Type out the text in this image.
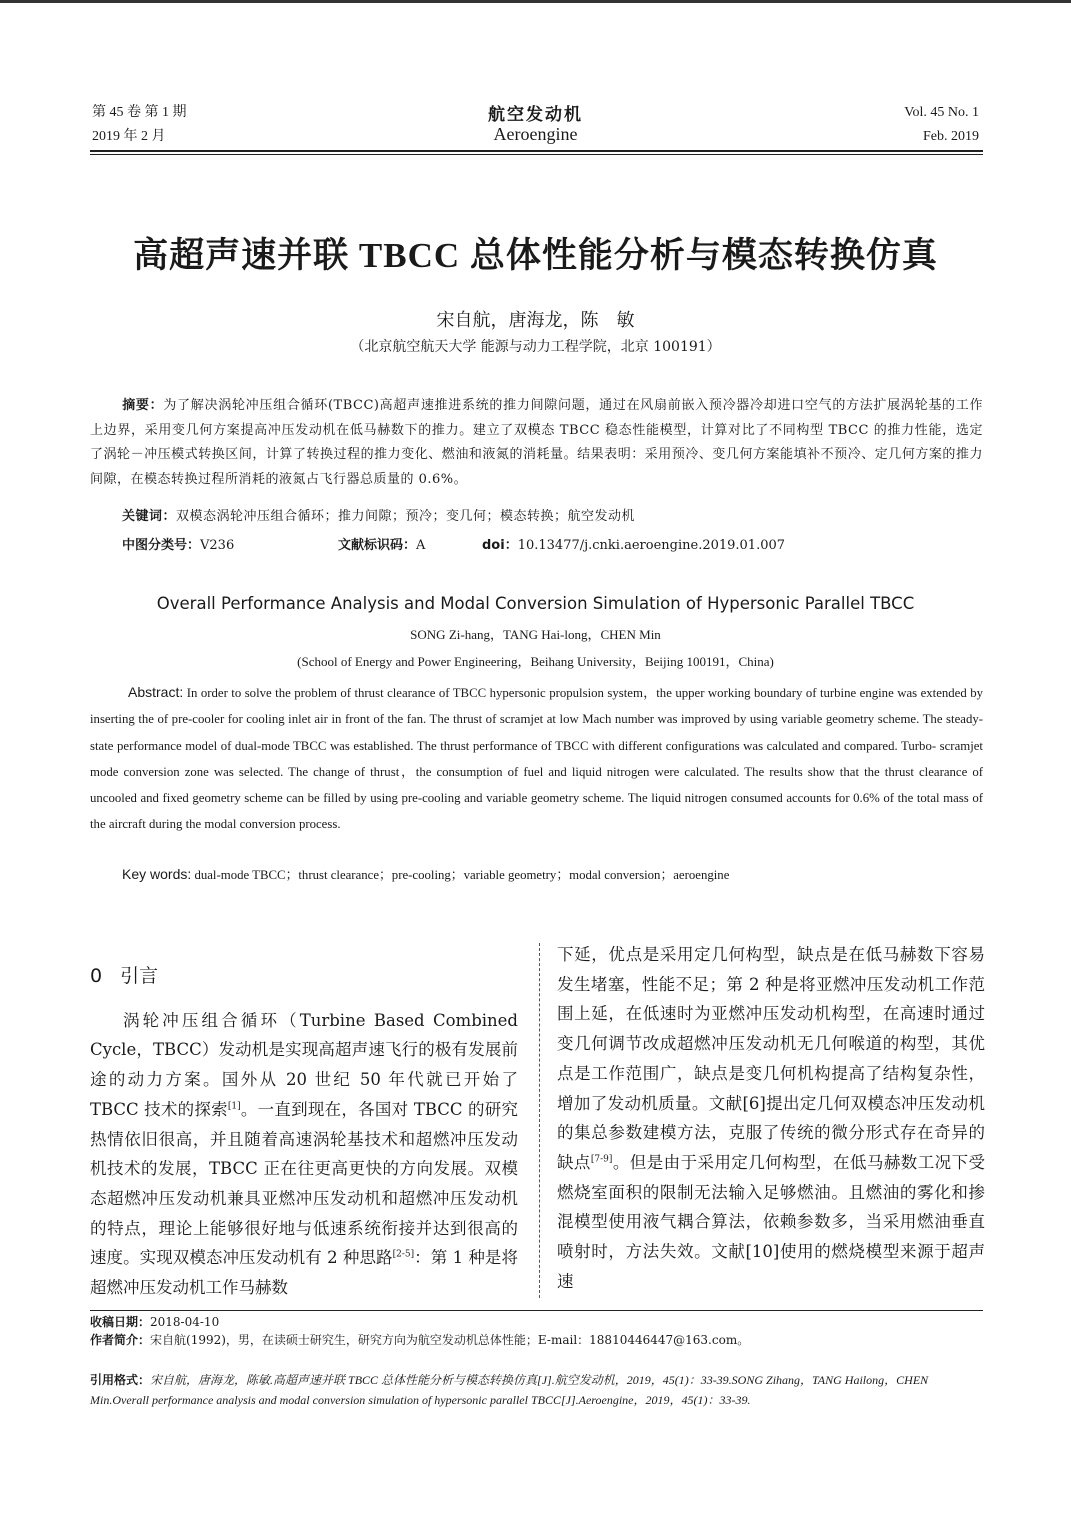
第 45 卷 第 1 期
2019 年 2 月
航空发动机
Aeroengine
Vol. 45 No. 1
Feb. 2019
高超声速并联 TBCC 总体性能分析与模态转换仿真
宋自航，唐海龙，陈　敏
（北京航空航天大学 能源与动力工程学院，北京 100191）
摘要：为了解决涡轮冲压组合循环(TBCC)高超声速推进系统的推力间隙问题，通过在风扇前嵌入预冷器冷却进口空气的方法扩展涡轮基的工作上边界，采用变几何方案提高冲压发动机在低马赫数下的推力。建立了双模态 TBCC 稳态性能模型，计算对比了不同构型 TBCC 的推力性能，选定了涡轮－冲压模式转换区间，计算了转换过程的推力变化、燃油和液氮的消耗量。结果表明：采用预冷、变几何方案能填补不预冷、定几何方案的推力间隙，在模态转换过程所消耗的液氮占飞行器总质量的 0.6%。
关键词：双模态涡轮冲压组合循环；推力间隙；预冷；变几何；模态转换；航空发动机
中图分类号：V236	文献标识码：A	doi：10.13477/j.cnki.aeroengine.2019.01.007
Overall Performance Analysis and Modal Conversion Simulation of Hypersonic Parallel TBCC
SONG Zi-hang，TANG Hai-long，CHEN Min
(School of Energy and Power Engineering，Beihang University，Beijing 100191，China)

Abstract: In order to solve the problem of thrust clearance of TBCC hypersonic propulsion system，the upper working boundary of turbine engine was extended by inserting the of pre-cooler for cooling inlet air in front of the fan. The thrust of scramjet at low Mach number was improved by using variable geometry scheme. The steady-state performance model of dual-mode TBCC was established. The thrust performance of TBCC with different configurations was calculated and compared. Turbo- scramjet mode conversion zone was selected. The change of thrust，the consumption of fuel and liquid nitrogen were calculated. The results show that the thrust clearance of uncooled and fixed geometry scheme can be filled by using pre-cooling and variable geometry scheme. The liquid nitrogen consumed accounts for 0.6% of the total mass of the aircraft during the modal conversion process.

Key words: dual-mode TBCC；thrust clearance；pre-cooling；variable geometry；modal conversion；aeroengine

0 引言

涡轮冲压组合循环（Turbine Based Combined Cycle，TBCC）发动机是实现高超声速飞行的极有发展前途的动力方案。国外从 20 世纪 50 年代就已开始了 TBCC 技术的探索[1]。一直到现在，各国对 TBCC 的研究热情依旧很高，并且随着高速涡轮基技术和超燃冲压发动机技术的发展，TBCC 正在往更高更快的方向发展。双模态超燃冲压发动机兼具亚燃冲压发动机和超燃冲压发动机的特点，理论上能够很好地与低速系统衔接并达到很高的速度。实现双模态冲压发动机有 2 种思路[2-5]：第 1 种是将超燃冲压发动机工作马赫数

下延，优点是采用定几何构型，缺点是在低马赫数下容易发生堵塞，性能不足；第 2 种是将亚燃冲压发动机工作范围上延，在低速时为亚燃冲压发动机构型，在高速时通过变几何调节改成超燃冲压发动机无几何喉道的构型，其优点是工作范围广，缺点是变几何机构提高了结构复杂性，增加了发动机质量。文献[6]提出定几何双模态冲压发动机的集总参数建模方法，克服了传统的微分形式存在奇异的缺点[7-9]。但是由于采用定几何构型，在低马赫数工况下受燃烧室面积的限制无法输入足够燃油。且燃油的雾化和掺混模型使用液气耦合算法，依赖参数多，当采用燃油垂直喷射时，方法失效。文献[10]使用的燃烧模型来源于超声速

收稿日期：2018-04-10
作者简介：宋自航(1992)，男，在读硕士研究生，研究方向为航空发动机总体性能；E-mail：18810446447@163.com。
引用格式：宋自航，唐海龙，陈敏.高超声速并联 TBCC 总体性能分析与模态转换仿真[J].航空发动机，2019，45(1)：33-39.SONG Zihang，TANG Hailong，CHEN Min.Overall performance analysis and modal conversion simulation of hypersonic parallel TBCC[J].Aeroengine，2019，45(1)：33-39.
